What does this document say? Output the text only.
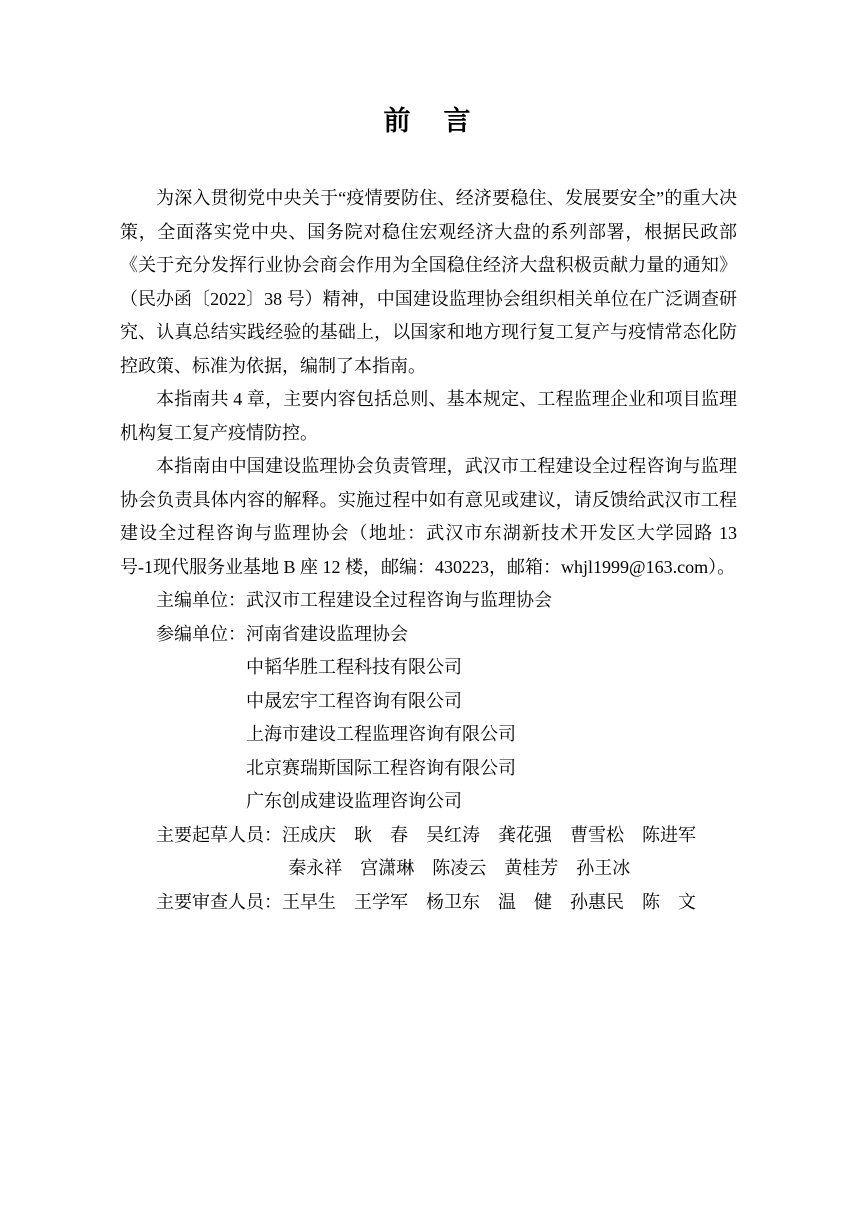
前　言

为深入贯彻党中央关于“疫情要防住、经济要稳住、发展要安全”的重大决策，全面落实党中央、国务院对稳住宏观经济大盘的系列部署，根据民政部《关于充分发挥行业协会商会作用为全国稳住经济大盘积极贡献力量的通知》（民办函〔2022〕38 号）精神，中国建设监理协会组织相关单位在广泛调查研究、认真总结实践经验的基础上，以国家和地方现行复工复产与疫情常态化防控政策、标准为依据，编制了本指南。

本指南共 4 章，主要内容包括总则、基本规定、工程监理企业和项目监理机构复工复产疫情防控。

本指南由中国建设监理协会负责管理，武汉市工程建设全过程咨询与监理协会负责具体内容的解释。实施过程中如有意见或建议，请反馈给武汉市工程建设全过程咨询与监理协会（地址：武汉市东湖新技术开发区大学园路 13 号-1现代服务业基地 B 座 12 楼，邮编：430223，邮箱：whjl1999@163.com）。

主编单位：武汉市工程建设全过程咨询与监理协会
参编单位：河南省建设监理协会
中韬华胜工程科技有限公司
中晟宏宇工程咨询有限公司
上海市建设工程监理咨询有限公司
北京赛瑞斯国际工程咨询有限公司
广东创成建设监理咨询公司
主要起草人员：汪成庆　耿　春　吴红涛　龚花强　曹雪松　陈进军
秦永祥　宫潇琳　陈凌云　黄桂芳　孙王冰
主要审查人员：王早生　王学军　杨卫东　温　健　孙惠民　陈　文
